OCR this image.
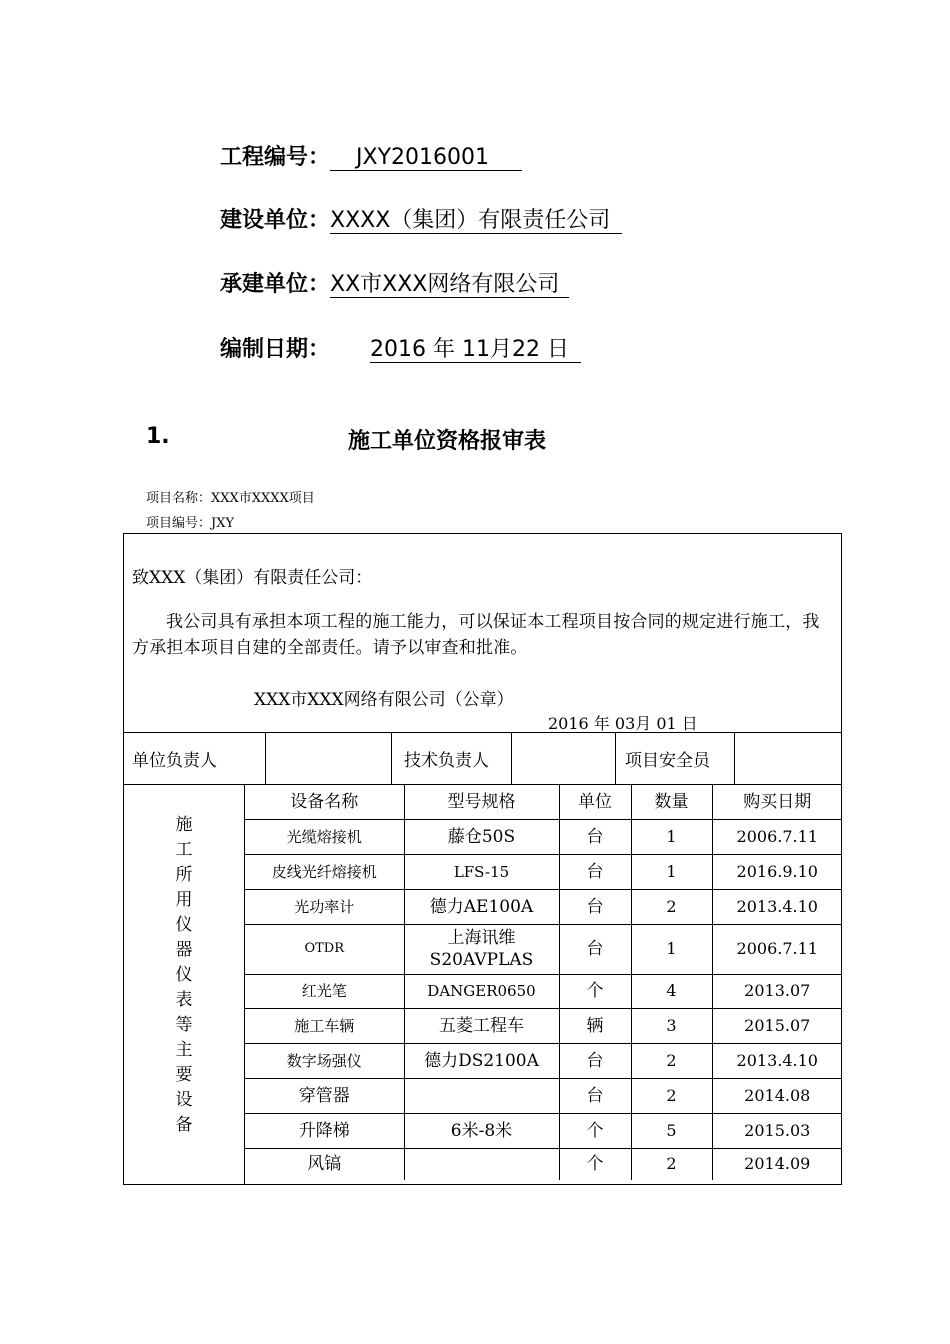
工程编号： JXY2016001
建设单位：XXXX（集团）有限责任公司
承建单位：XX市XXX网络有限公司
编制日期： 2016 年 11月22 日
1.	施工单位资格报审表
项目名称：XXX市XXXX项目
项目编号：JXY
致XXX（集团）有限责任公司：
我公司具有承担本项工程的施工能力，可以保证本工程项目按合同的规定进行施工，我方承担本项目自建的全部责任。请予以审查和批准。
XXX市XXX网络有限公司（公章）
2016 年 03月 01 日
单位负责人	技术负责人	项目安全员
施
工
所
用
仪
器
仪
表
等
主
要
设
备
设备名称	型号规格	单位	数量	购买日期
光缆熔接机	藤仓50S	台	1	2006.7.11
皮线光纤熔接机	LFS-15	台	1	2016.9.10
光功率计	德力AE100A	台	2	2013.4.10
OTDR	上海讯维
S20AVPLAS	台	1	2006.7.11
红光笔	DANGER0650	个	4	2013.07
施工车辆	五菱工程车	辆	3	2015.07
数字场强仪	德力DS2100A	台	2	2013.4.10
穿管器		台	2	2014.08
升降梯	6米-8米	个	5	2015.03
风镐		个	2	2014.09
